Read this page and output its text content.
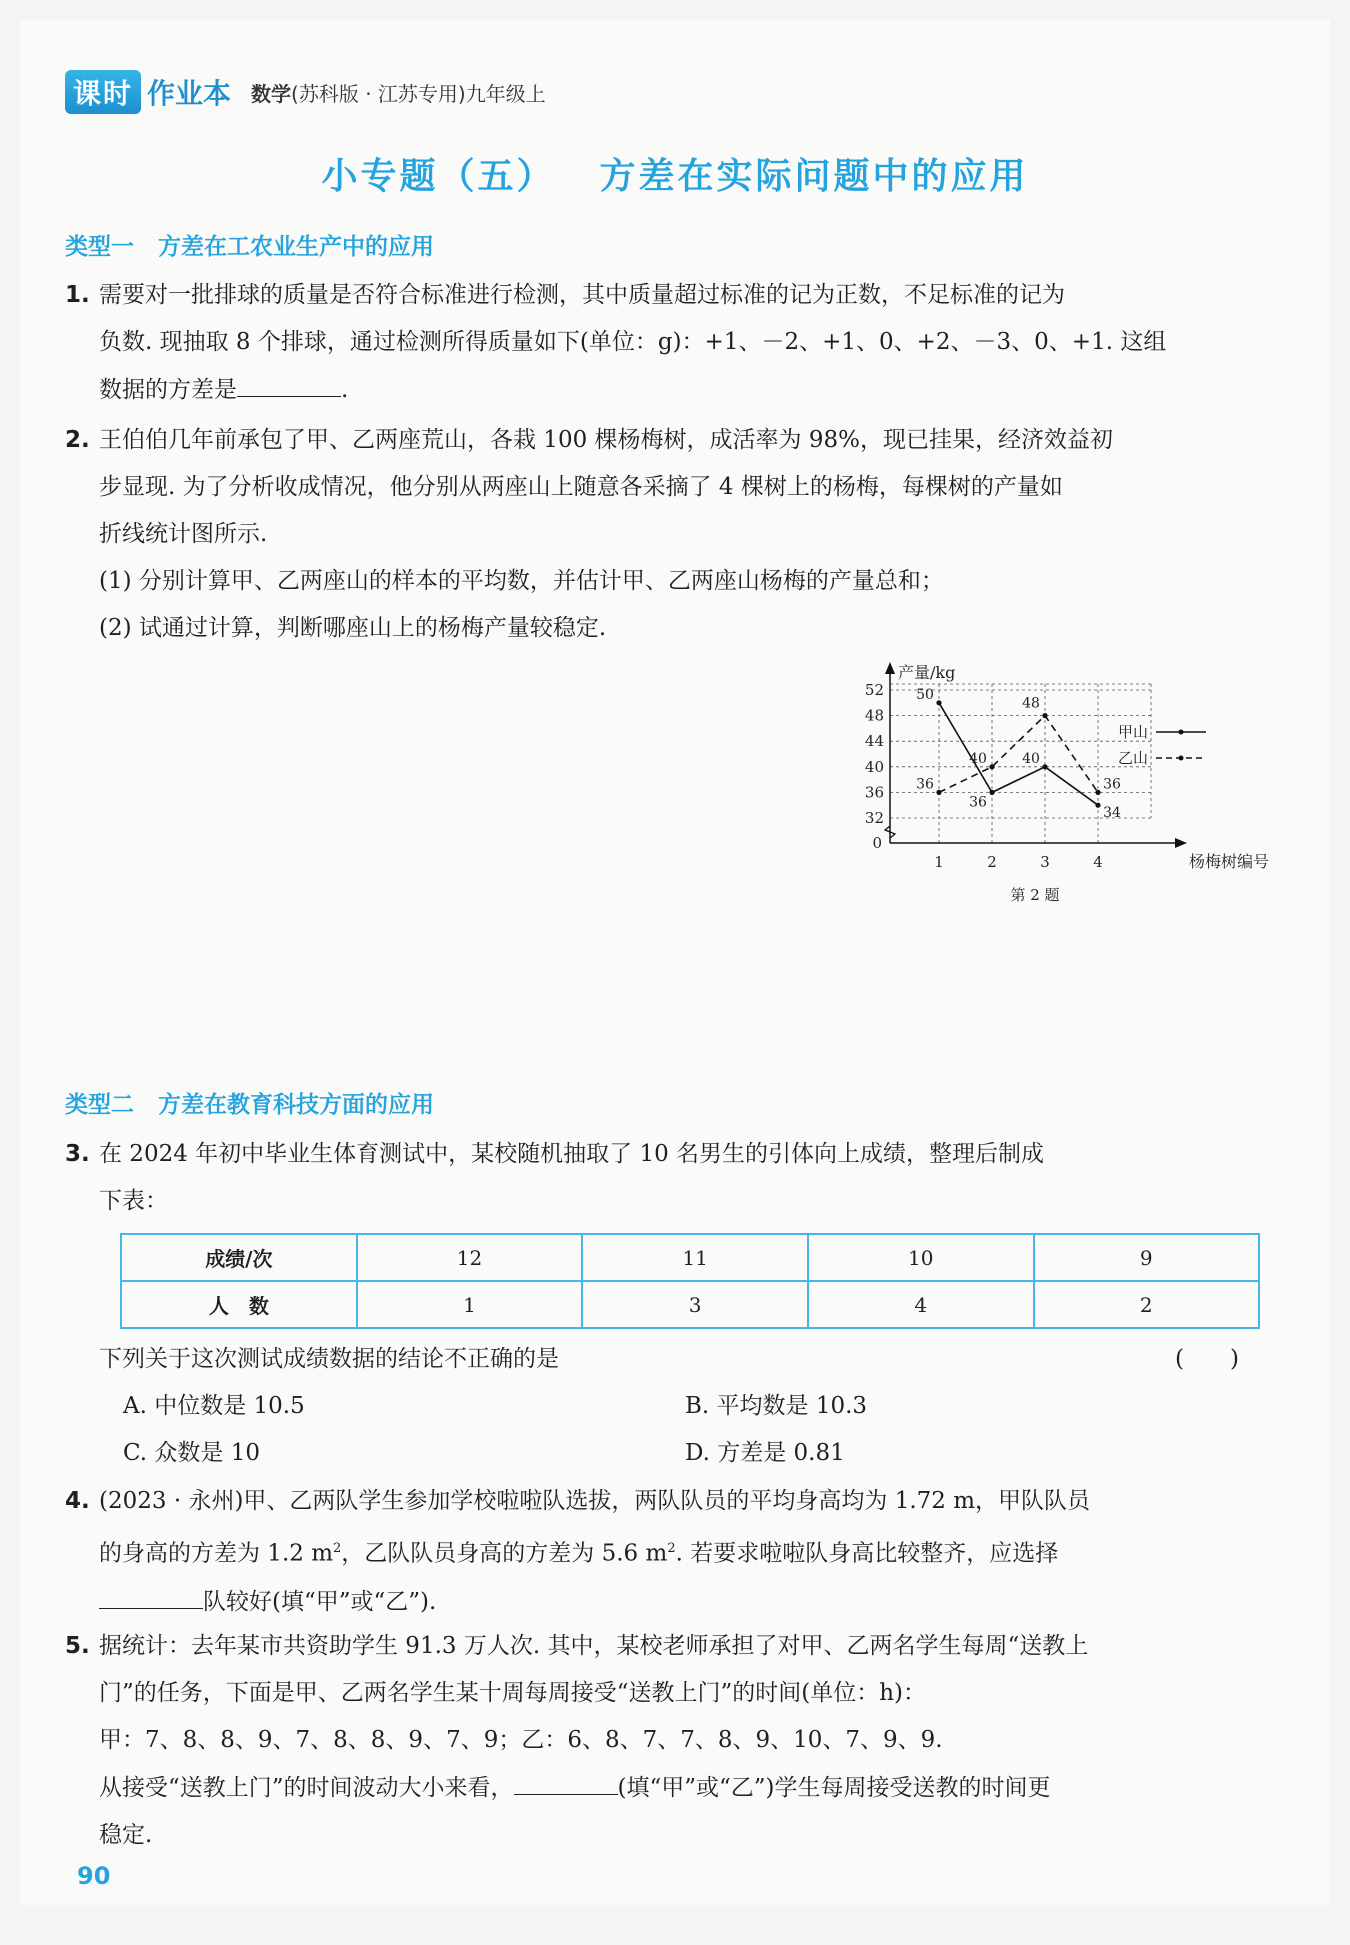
课时 作业本 数学(苏科版 · 江苏专用)九年级上
小专题（五） 方差在实际问题中的应用
类型一 方差在工农业生产中的应用
1. 需要对一批排球的质量是否符合标准进行检测，其中质量超过标准的记为正数，不足标准的记为
负数. 现抽取 8 个排球，通过检测所得质量如下(单位：g)：+1、－2、+1、0、+2、－3、0、+1. 这组
数据的方差是	.
2. 王伯伯几年前承包了甲、乙两座荒山，各栽 100 棵杨梅树，成活率为 98%，现已挂果，经济效益初
步显现. 为了分析收成情况，他分别从两座山上随意各采摘了 4 棵树上的杨梅，每棵树的产量如
折线统计图所示.
(1) 分别计算甲、乙两座山的样本的平均数，并估计甲、乙两座山杨梅的产量总和；
(2) 试通过计算，判断哪座山上的杨梅产量较稳定.
32
36
40
44
48
52
1	2	3	4
0
产量/kg
杨梅树编号
50
36
40
34
36
40
48
36
甲山
乙山
第 2 题
类型二 方差在教育科技方面的应用
3. 在 2024 年初中毕业生体育测试中，某校随机抽取了 10 名男生的引体向上成绩，整理后制成
下表：
成绩/次	12	11	10	9
人　数	1	3	4	2
下列关于这次测试成绩数据的结论不正确的是	(　　)
A. 中位数是 10.5	B. 平均数是 10.3
C. 众数是 10	D. 方差是 0.81
4. (2023 · 永州)甲、乙两队学生参加学校啦啦队选拔，两队队员的平均身高均为 1.72 m，甲队队员
的身高的方差为 1.2 $m^2$，乙队队员身高的方差为 5.6 $m^2$. 若要求啦啦队身高比较整齐，应选择
队较好(填“甲”或“乙”).
5. 据统计：去年某市共资助学生 91.3 万人次. 其中，某校老师承担了对甲、乙两名学生每周“送教上
门”的任务，下面是甲、乙两名学生某十周每周接受“送教上门”的时间(单位：h)：
甲：7、8、8、9、7、8、8、9、7、9；乙：6、8、7、7、8、9、10、7、9、9.
从接受“送教上门”的时间波动大小来看，	(填“甲”或“乙”)学生每周接受送教的时间更
稳定.
90
